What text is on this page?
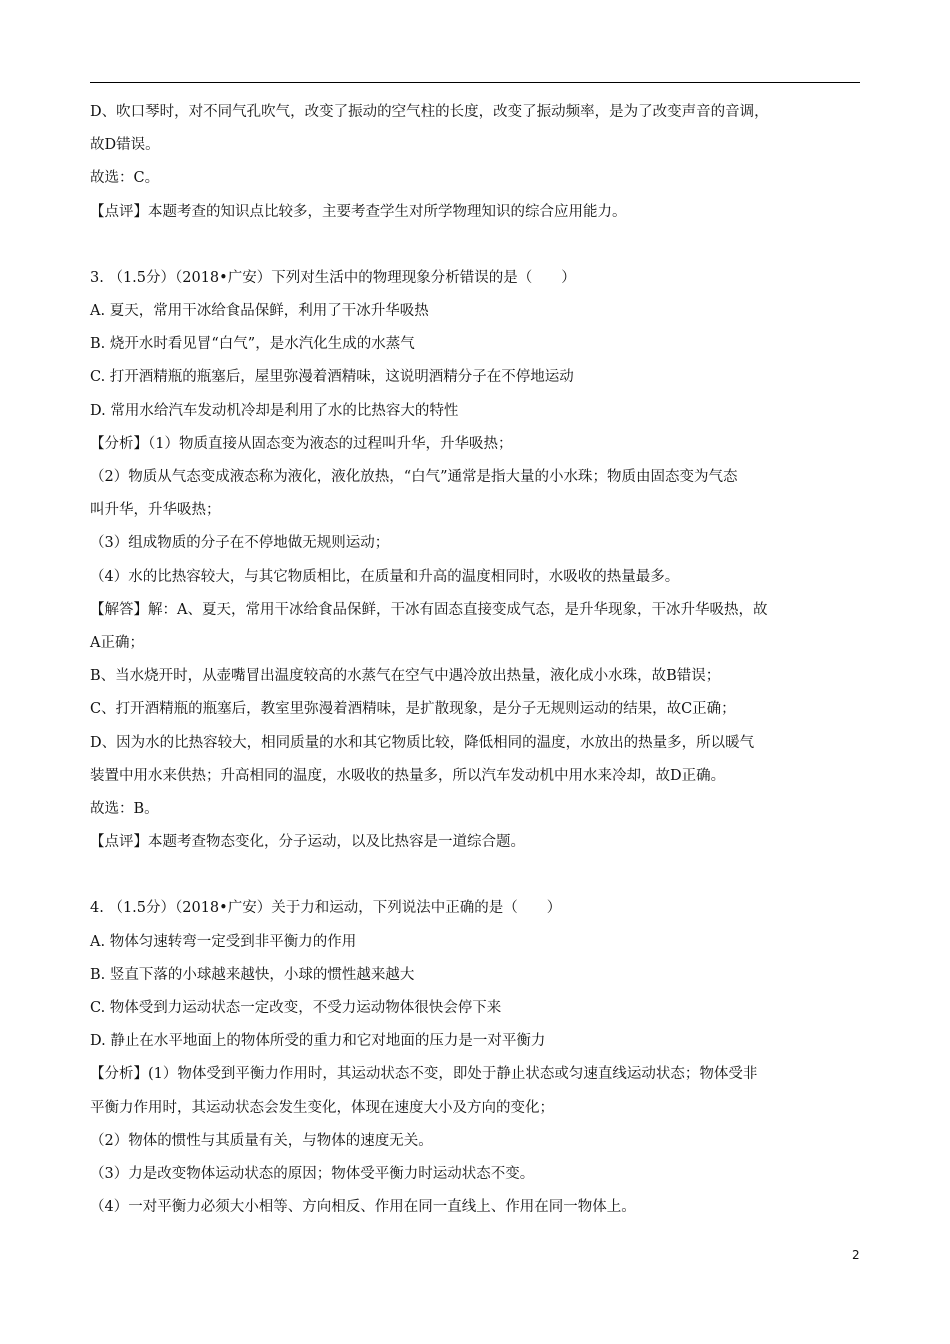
D、吹口琴时，对不同气孔吹气，改变了振动的空气柱的长度，改变了振动频率，是为了改变声音的音调，
故D错误。
故选：C。
【点评】本题考查的知识点比较多，主要考查学生对所学物理知识的综合应用能力。
3. （1.5分）（2018•广安）下列对生活中的物理现象分析错误的是（　　）
A. 夏天，常用干冰给食品保鲜，利用了干冰升华吸热
B. 烧开水时看见冒“白气”，是水汽化生成的水蒸气
C. 打开酒精瓶的瓶塞后，屋里弥漫着酒精味，这说明酒精分子在不停地运动
D. 常用水给汽车发动机冷却是利用了水的比热容大的特性
【分析】（1）物质直接从固态变为液态的过程叫升华，升华吸热；
（2）物质从气态变成液态称为液化，液化放热，“白气”通常是指大量的小水珠；物质由固态变为气态
叫升华，升华吸热；
（3）组成物质的分子在不停地做无规则运动；
（4）水的比热容较大，与其它物质相比，在质量和升高的温度相同时，水吸收的热量最多。
【解答】解：A、夏天，常用干冰给食品保鲜，干冰有固态直接变成气态，是升华现象，干冰升华吸热，故
A正确；
B、当水烧开时，从壶嘴冒出温度较高的水蒸气在空气中遇冷放出热量，液化成小水珠，故B错误；
C、打开酒精瓶的瓶塞后，教室里弥漫着酒精味，是扩散现象，是分子无规则运动的结果，故C正确；
D、因为水的比热容较大，相同质量的水和其它物质比较，降低相同的温度，水放出的热量多，所以暖气
装置中用水来供热；升高相同的温度，水吸收的热量多，所以汽车发动机中用水来冷却，故D正确。
故选：B。
【点评】本题考查物态变化，分子运动，以及比热容是一道综合题。
4. （1.5分）（2018•广安）关于力和运动，下列说法中正确的是（　　）
A. 物体匀速转弯一定受到非平衡力的作用
B. 竖直下落的小球越来越快，小球的惯性越来越大
C. 物体受到力运动状态一定改变，不受力运动物体很快会停下来
D. 静止在水平地面上的物体所受的重力和它对地面的压力是一对平衡力
【分析】(1）物体受到平衡力作用时，其运动状态不变，即处于静止状态或匀速直线运动状态；物体受非
平衡力作用时，其运动状态会发生变化，体现在速度大小及方向的变化；
（2）物体的惯性与其质量有关，与物体的速度无关。
（3）力是改变物体运动状态的原因；物体受平衡力时运动状态不变。
（4）一对平衡力必须大小相等、方向相反、作用在同一直线上、作用在同一物体上。
2
